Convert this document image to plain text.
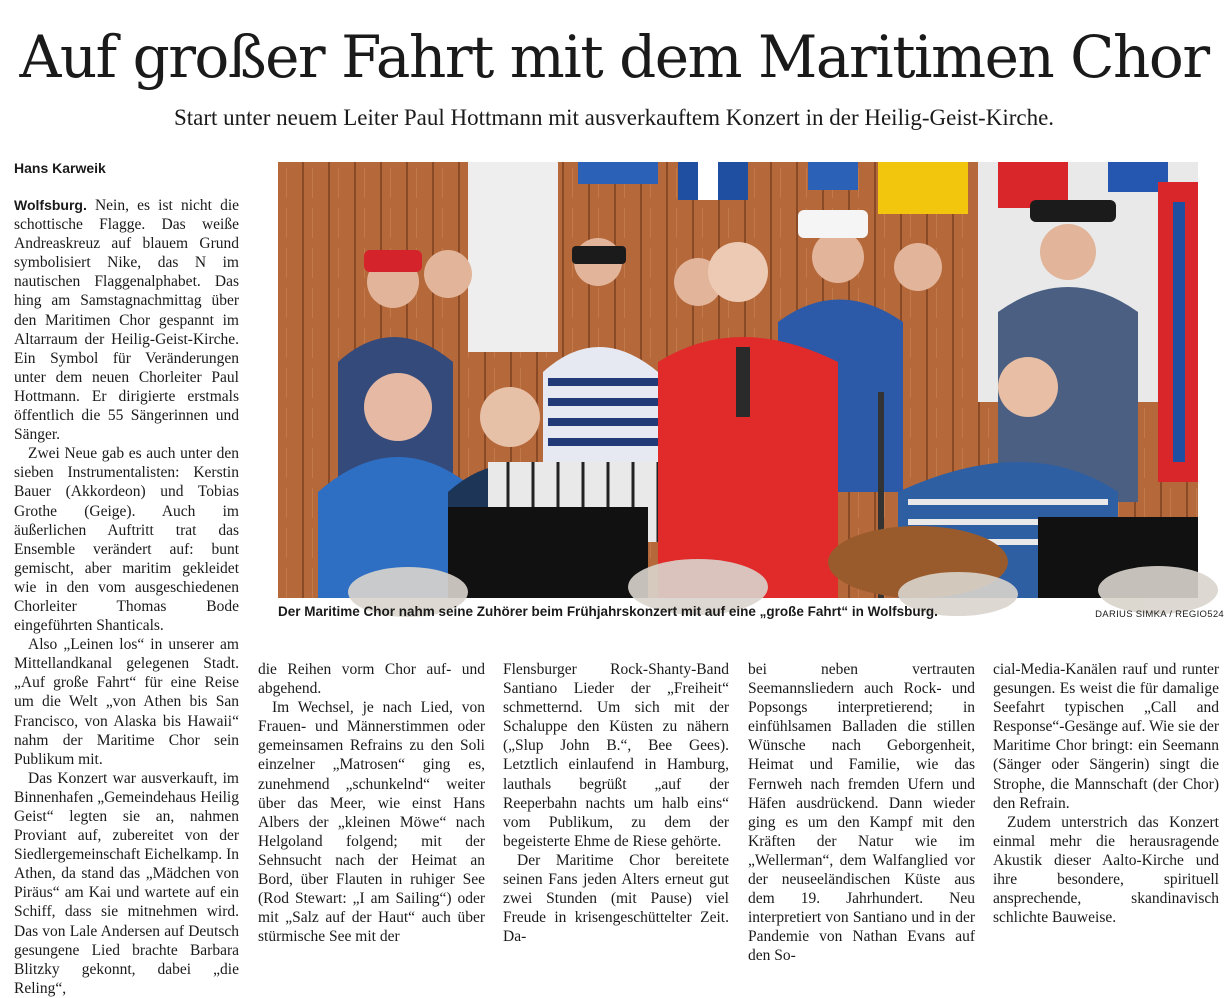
Auf großer Fahrt mit dem Maritimen Chor

Start unter neuem Leiter Paul Hottmann mit ausverkauftem Konzert in der Heilig-Geist-Kirche.

Hans Karweik

Wolfsburg. Nein, es ist nicht die schottische Flagge. Das weiße Andreaskreuz auf blauem Grund symbolisiert Nike, das N im nautischen Flaggenalphabet. Das hing am Samstagnachmittag über den Maritimen Chor gespannt im Altarraum der Heilig-Geist-Kirche. Ein Symbol für Veränderungen unter dem neuen Chorleiter Paul Hottmann. Er dirigierte erstmals öffentlich die 55 Sängerinnen und Sänger.

Zwei Neue gab es auch unter den sieben Instrumentalisten: Kerstin Bauer (Akkordeon) und Tobias Grothe (Geige). Auch im äußerlichen Auftritt trat das Ensemble verändert auf: bunt gemischt, aber maritim gekleidet wie in den vom ausgeschiedenen Chorleiter Thomas Bode eingeführten Shanticals.

Also „Leinen los“ in unserer am Mittellandkanal gelegenen Stadt. „Auf große Fahrt“ für eine Reise um die Welt „von Athen bis San Francisco, von Alaska bis Hawaii“ nahm der Maritime Chor sein Publikum mit.

Das Konzert war ausverkauft, im Binnenhafen „Gemeindehaus Heilig Geist“ legten sie an, nahmen Proviant auf, zubereitet von der Siedlergemeinschaft Eichelkamp. In Athen, da stand das „Mädchen von Piräus“ am Kai und wartete auf ein Schiff, dass sie mitnehmen wird. Das von Lale Andersen auf Deutsch gesungene Lied brachte Barbara Blitzky gekonnt, dabei „die Reling“,

Der Maritime Chor nahm seine Zuhörer beim Frühjahrskonzert mit auf eine „große Fahrt“ in Wolfsburg.	DARIUS SIMKA / REGIO524

die Reihen vorm Chor auf- und abgehend.

Im Wechsel, je nach Lied, von Frauen- und Männerstimmen oder gemeinsamen Refrains zu den Soli einzelner „Matrosen“ ging es, zunehmend „schunkelnd“ weiter über das Meer, wie einst Hans Albers der „kleinen Möwe“ nach Helgoland folgend; mit der Sehnsucht nach der Heimat an Bord, über Flauten in ruhiger See (Rod Stewart: „I am Sailing“) oder mit „Salz auf der Haut“ auch über stürmische See mit der

Flensburger Rock-Shanty-Band Santiano Lieder der „Freiheit“ schmetternd. Um sich mit der Schaluppe den Küsten zu nähern („Slup John B.“, Bee Gees). Letztlich einlaufend in Hamburg, lauthals begrüßt „auf der Reeperbahn nachts um halb eins“ vom Publikum, zu dem der begeisterte Ehme de Riese gehörte.

Der Maritime Chor bereitete seinen Fans jeden Alters erneut gut zwei Stunden (mit Pause) viel Freude in krisengeschüttelter Zeit. Da-

bei neben vertrauten Seemannsliedern auch Rock- und Popsongs interpretierend; in einfühlsamen Balladen die stillen Wünsche nach Geborgenheit, Heimat und Familie, wie das Fernweh nach fremden Ufern und Häfen ausdrückend. Dann wieder ging es um den Kampf mit den Kräften der Natur wie im „Wellerman“, dem Walfanglied vor der neuseeländischen Küste aus dem 19. Jahrhundert. Neu interpretiert von Santiano und in der Pandemie von Nathan Evans auf den So-

cial-Media-Kanälen rauf und runter gesungen. Es weist die für damalige Seefahrt typischen „Call and Response“-Gesänge auf. Wie sie der Maritime Chor bringt: ein Seemann (Sänger oder Sängerin) singt die Strophe, die Mannschaft (der Chor) den Refrain.

Zudem unterstrich das Konzert einmal mehr die herausragende Akustik dieser Aalto-Kirche und ihre besondere, spirituell ansprechende, skandinavisch schlichte Bauweise.
